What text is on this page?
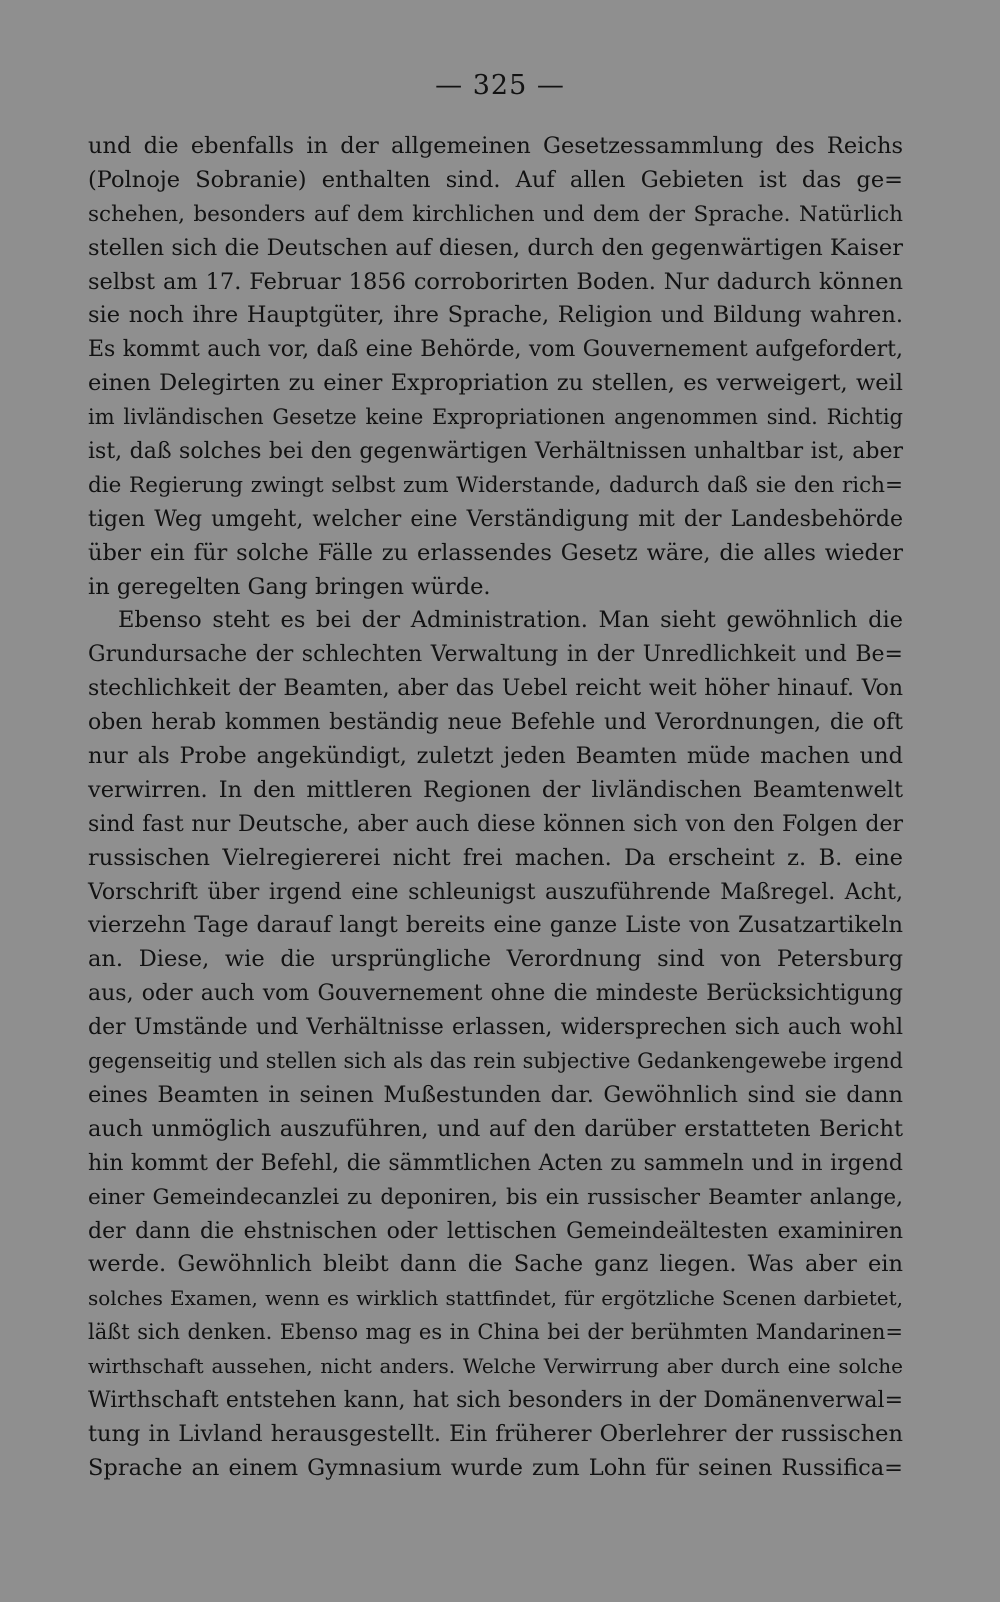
— 325 —
und die ebenfalls in der allgemeinen Gesetzessammlung des Reichs
(Polnoje Sobranie) enthalten sind. Auf allen Gebieten ist das ge=
schehen, besonders auf dem kirchlichen und dem der Sprache. Natürlich
stellen sich die Deutschen auf diesen, durch den gegenwärtigen Kaiser
selbst am 17. Februar 1856 corroborirten Boden. Nur dadurch können
sie noch ihre Hauptgüter, ihre Sprache, Religion und Bildung wahren.
Es kommt auch vor, daß eine Behörde, vom Gouvernement aufgefordert,
einen Delegirten zu einer Expropriation zu stellen, es verweigert, weil
im livländischen Gesetze keine Expropriationen angenommen sind. Richtig
ist, daß solches bei den gegenwärtigen Verhältnissen unhaltbar ist, aber
die Regierung zwingt selbst zum Widerstande, dadurch daß sie den rich=
tigen Weg umgeht, welcher eine Verständigung mit der Landesbehörde
über ein für solche Fälle zu erlassendes Gesetz wäre, die alles wieder
in geregelten Gang bringen würde.
Ebenso steht es bei der Administration. Man sieht gewöhnlich die
Grundursache der schlechten Verwaltung in der Unredlichkeit und Be=
stechlichkeit der Beamten, aber das Uebel reicht weit höher hinauf. Von
oben herab kommen beständig neue Befehle und Verordnungen, die oft
nur als Probe angekündigt, zuletzt jeden Beamten müde machen und
verwirren. In den mittleren Regionen der livländischen Beamtenwelt
sind fast nur Deutsche, aber auch diese können sich von den Folgen der
russischen Vielregiererei nicht frei machen. Da erscheint z. B. eine
Vorschrift über irgend eine schleunigst auszuführende Maßregel. Acht,
vierzehn Tage darauf langt bereits eine ganze Liste von Zusatzartikeln
an. Diese, wie die ursprüngliche Verordnung sind von Petersburg
aus, oder auch vom Gouvernement ohne die mindeste Berücksichtigung
der Umstände und Verhältnisse erlassen, widersprechen sich auch wohl
gegenseitig und stellen sich als das rein subjective Gedankengewebe irgend
eines Beamten in seinen Mußestunden dar. Gewöhnlich sind sie dann
auch unmöglich auszuführen, und auf den darüber erstatteten Bericht
hin kommt der Befehl, die sämmtlichen Acten zu sammeln und in irgend
einer Gemeindecanzlei zu deponiren, bis ein russischer Beamter anlange,
der dann die ehstnischen oder lettischen Gemeindeältesten examiniren
werde. Gewöhnlich bleibt dann die Sache ganz liegen. Was aber ein
solches Examen, wenn es wirklich stattfindet, für ergötzliche Scenen darbietet,
läßt sich denken. Ebenso mag es in China bei der berühmten Mandarinen=
wirthschaft aussehen, nicht anders. Welche Verwirrung aber durch eine solche
Wirthschaft entstehen kann, hat sich besonders in der Domänenverwal=
tung in Livland herausgestellt. Ein früherer Oberlehrer der russischen
Sprache an einem Gymnasium wurde zum Lohn für seinen Russifica=
